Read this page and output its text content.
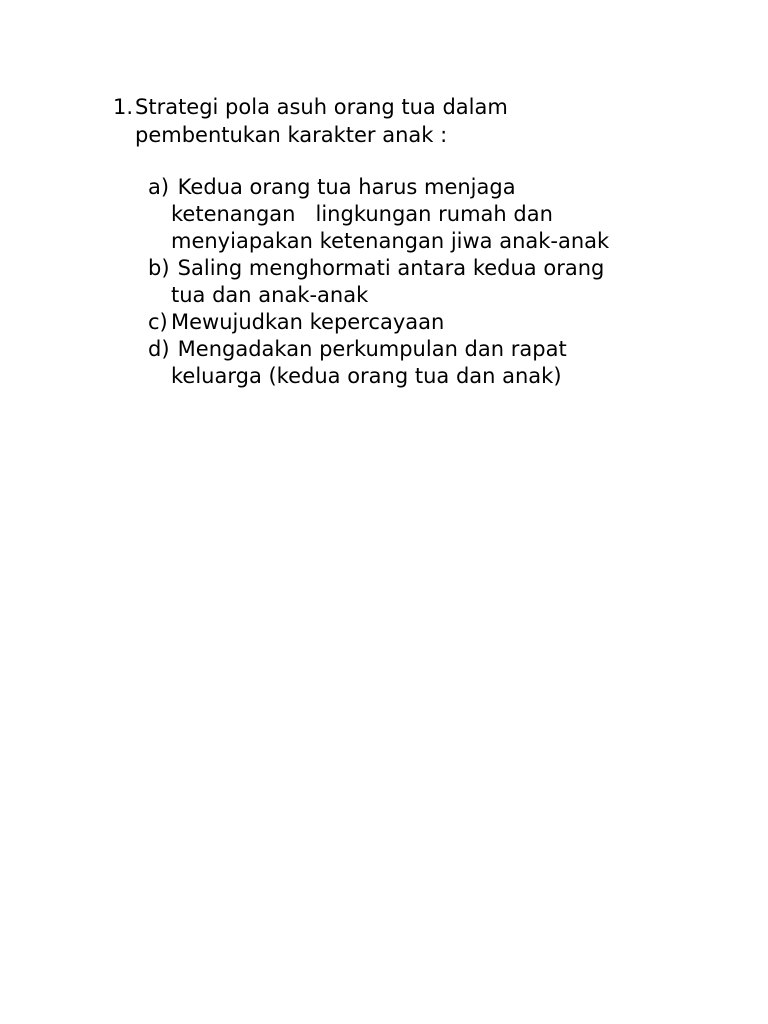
1. Strategi pola asuh orang tua dalam
pembentukan karakter anak :
a) Kedua orang tua harus menjaga
ketenangan   lingkungan rumah dan
menyiapakan ketenangan jiwa anak-anak
b) Saling menghormati antara kedua orang
tua dan anak-anak
c) Mewujudkan kepercayaan
d) Mengadakan perkumpulan dan rapat
keluarga (kedua orang tua dan anak)
